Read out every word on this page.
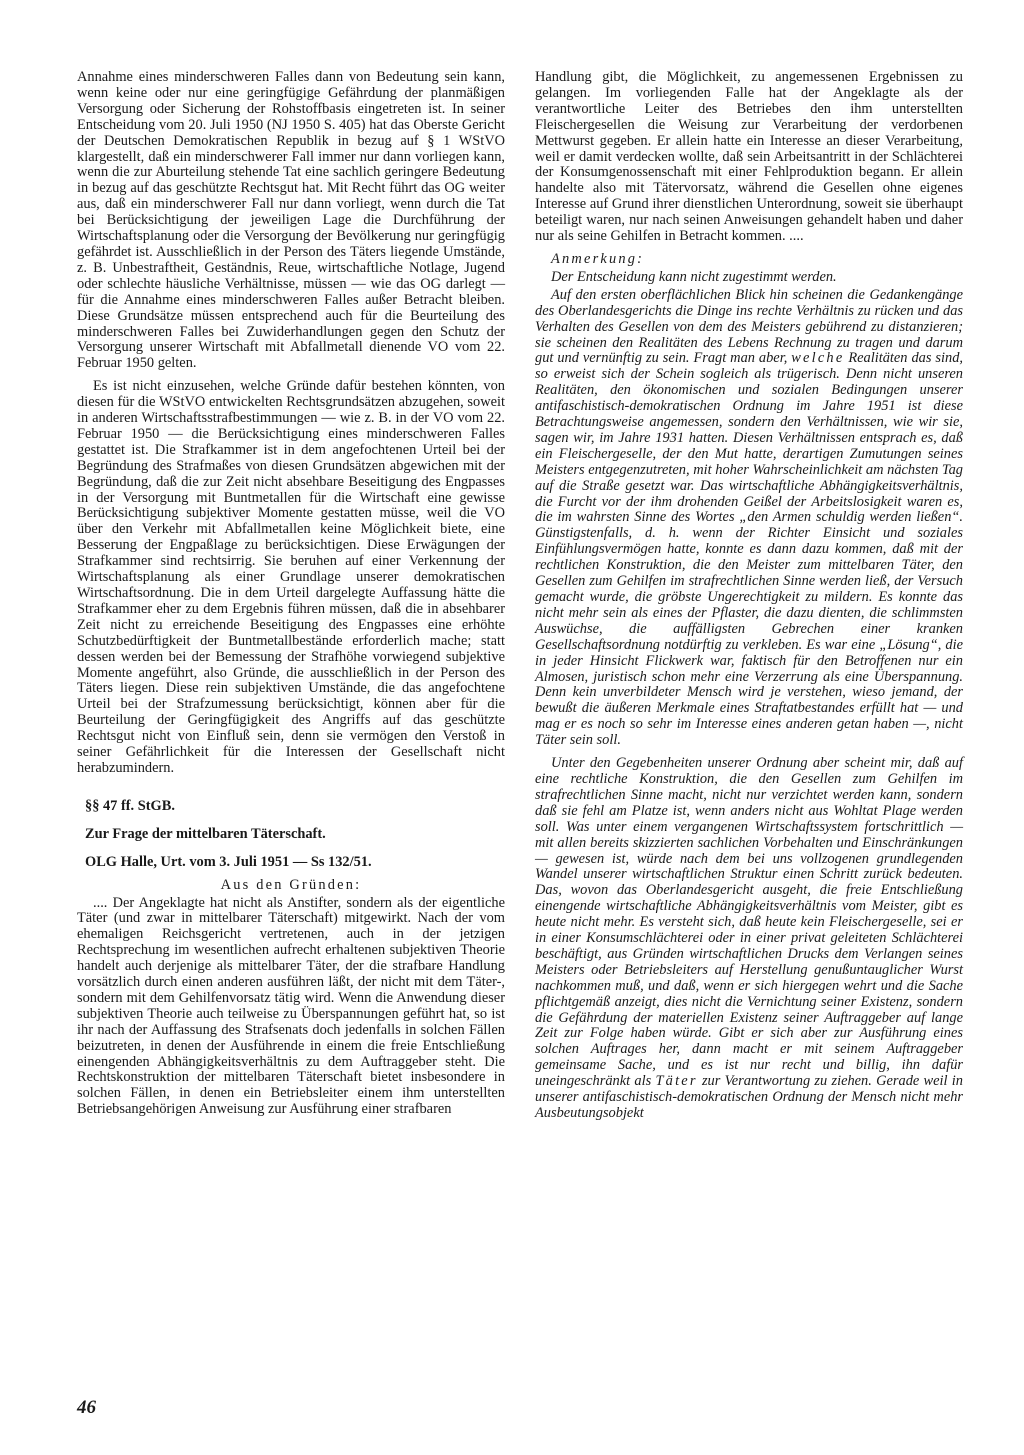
Annahme eines minderschweren Falles dann von Bedeutung sein kann, wenn keine oder nur eine geringfügige Gefährdung der planmäßigen Versorgung oder Sicherung der Rohstoffbasis eingetreten ist. In seiner Entscheidung vom 20. Juli 1950 (NJ 1950 S. 405) hat das Oberste Gericht der Deutschen Demokratischen Republik in bezug auf § 1 WStVO klargestellt, daß ein minderschwerer Fall immer nur dann vorliegen kann, wenn die zur Aburteilung stehende Tat eine sachlich geringere Bedeutung in bezug auf das geschützte Rechtsgut hat. Mit Recht führt das OG weiter aus, daß ein minderschwerer Fall nur dann vorliegt, wenn durch die Tat bei Berücksichtigung der jeweiligen Lage die Durchführung der Wirtschaftsplanung oder die Versorgung der Bevölkerung nur geringfügig gefährdet ist. Ausschließlich in der Person des Täters liegende Umstände, z. B. Unbestraftheit, Geständnis, Reue, wirtschaftliche Notlage, Jugend oder schlechte häusliche Verhältnisse, müssen — wie das OG darlegt — für die Annahme eines minderschweren Falles außer Betracht bleiben. Diese Grundsätze müssen entsprechend auch für die Beurteilung des minderschweren Falles bei Zuwiderhandlungen gegen den Schutz der Versorgung unserer Wirtschaft mit Abfallmetall dienende VO vom 22. Februar 1950 gelten.

Es ist nicht einzusehen, welche Gründe dafür bestehen könnten, von diesen für die WStVO entwickelten Rechtsgrundsätzen abzugehen, soweit in anderen Wirtschaftsstrafbestimmungen — wie z. B. in der VO vom 22. Februar 1950 — die Berücksichtigung eines minderschweren Falles gestattet ist. Die Strafkammer ist in dem angefochtenen Urteil bei der Begründung des Strafmaßes von diesen Grundsätzen abgewichen mit der Begründung, daß die zur Zeit nicht absehbare Beseitigung des Engpasses in der Versorgung mit Buntmetallen für die Wirtschaft eine gewisse Berücksichtigung subjektiver Momente gestatten müsse, weil die VO über den Verkehr mit Abfallmetallen keine Möglichkeit biete, eine Besserung der Engpaßlage zu berücksichtigen. Diese Erwägungen der Strafkammer sind rechtsirrig. Sie beruhen auf einer Verkennung der Wirtschaftsplanung als einer Grundlage unserer demokratischen Wirtschaftsordnung. Die in dem Urteil dargelegte Auffassung hätte die Strafkammer eher zu dem Ergebnis führen müssen, daß die in absehbarer Zeit nicht zu erreichende Beseitigung des Engpasses eine erhöhte Schutzbedürftigkeit der Buntmetallbestände erforderlich mache; statt dessen werden bei der Bemessung der Strafhöhe vorwiegend subjektive Momente angeführt, also Gründe, die ausschließlich in der Person des Täters liegen. Diese rein subjektiven Umstände, die das angefochtene Urteil bei der Strafzumessung berücksichtigt, können aber für die Beurteilung der Geringfügigkeit des Angriffs auf das geschützte Rechtsgut nicht von Einfluß sein, denn sie vermögen den Verstoß in seiner Gefährlichkeit für die Interessen der Gesellschaft nicht herabzumindern.

§§ 47 ff. StGB.

Zur Frage der mittelbaren Täterschaft.

OLG Halle, Urt. vom 3. Juli 1951 — Ss 132/51.

Aus den Gründen:

.... Der Angeklagte hat nicht als Anstifter, sondern als der eigentliche Täter (und zwar in mittelbarer Täterschaft) mitgewirkt. Nach der vom ehemaligen Reichsgericht vertretenen, auch in der jetzigen Rechtsprechung im wesentlichen aufrecht erhaltenen subjektiven Theorie handelt auch derjenige als mittelbarer Täter, der die strafbare Handlung vorsätzlich durch einen anderen ausführen läßt, der nicht mit dem Täter-, sondern mit dem Gehilfenvorsatz tätig wird. Wenn die Anwendung dieser subjektiven Theorie auch teilweise zu Überspannungen geführt hat, so ist ihr nach der Auffassung des Strafsenats doch jedenfalls in solchen Fällen beizutreten, in denen der Ausführende in einem die freie Entschließung einengenden Abhängigkeitsverhältnis zu dem Auftraggeber steht. Die Rechtskonstruktion der mittelbaren Täterschaft bietet insbesondere in solchen Fällen, in denen ein Betriebsleiter einem ihm unterstellten Betriebsangehörigen Anweisung zur Ausführung einer strafbaren

Handlung gibt, die Möglichkeit, zu angemessenen Ergebnissen zu gelangen. Im vorliegenden Falle hat der Angeklagte als der verantwortliche Leiter des Betriebes den ihm unterstellten Fleischergesellen die Weisung zur Verarbeitung der verdorbenen Mettwurst gegeben. Er allein hatte ein Interesse an dieser Verarbeitung, weil er damit verdecken wollte, daß sein Arbeitsantritt in der Schlächterei der Konsumgenossenschaft mit einer Fehlproduktion begann. Er allein handelte also mit Tätervorsatz, während die Gesellen ohne eigenes Interesse auf Grund ihrer dienstlichen Unterordnung, soweit sie überhaupt beteiligt waren, nur nach seinen Anweisungen gehandelt haben und daher nur als seine Gehilfen in Betracht kommen. ....

Anmerkung:

Der Entscheidung kann nicht zugestimmt werden.

Auf den ersten oberflächlichen Blick hin scheinen die Gedankengänge des Oberlandesgerichts die Dinge ins rechte Verhältnis zu rücken und das Verhalten des Gesellen von dem des Meisters gebührend zu distanzieren; sie scheinen den Realitäten des Lebens Rechnung zu tragen und darum gut und vernünftig zu sein. Fragt man aber, welche Realitäten das sind, so erweist sich der Schein sogleich als trügerisch. Denn nicht unseren Realitäten, den ökonomischen und sozialen Bedingungen unserer antifaschistisch-demokratischen Ordnung im Jahre 1951 ist diese Betrachtungsweise angemessen, sondern den Verhältnissen, wie wir sie, sagen wir, im Jahre 1931 hatten. Diesen Verhältnissen entsprach es, daß ein Fleischergeselle, der den Mut hatte, derartigen Zumutungen seines Meisters entgegenzutreten, mit hoher Wahrscheinlichkeit am nächsten Tag auf die Straße gesetzt war. Das wirtschaftliche Abhängigkeitsverhältnis, die Furcht vor der ihm drohenden Geißel der Arbeitslosigkeit waren es, die im wahrsten Sinne des Wortes „den Armen schuldig werden ließen“. Günstigstenfalls, d. h. wenn der Richter Einsicht und soziales Einfühlungsvermögen hatte, konnte es dann dazu kommen, daß mit der rechtlichen Konstruktion, die den Meister zum mittelbaren Täter, den Gesellen zum Gehilfen im strafrechtlichen Sinne werden ließ, der Versuch gemacht wurde, die gröbste Ungerechtigkeit zu mildern. Es konnte das nicht mehr sein als eines der Pflaster, die dazu dienten, die schlimmsten Auswüchse, die auffälligsten Gebrechen einer kranken Gesellschaftsordnung notdürftig zu verkleben. Es war eine „Lösung“, die in jeder Hinsicht Flickwerk war, faktisch für den Betroffenen nur ein Almosen, juristisch schon mehr eine Verzerrung als eine Überspannung. Denn kein unverbildeter Mensch wird je verstehen, wieso jemand, der bewußt die äußeren Merkmale eines Straftatbestandes erfüllt hat — und mag er es noch so sehr im Interesse eines anderen getan haben —, nicht Täter sein soll.

Unter den Gegebenheiten unserer Ordnung aber scheint mir, daß auf eine rechtliche Konstruktion, die den Gesellen zum Gehilfen im strafrechtlichen Sinne macht, nicht nur verzichtet werden kann, sondern daß sie fehl am Platze ist, wenn anders nicht aus Wohltat Plage werden soll. Was unter einem vergangenen Wirtschaftssystem fortschrittlich — mit allen bereits skizzierten sachlichen Vorbehalten und Einschränkungen — gewesen ist, würde nach dem bei uns vollzogenen grundlegenden Wandel unserer wirtschaftlichen Struktur einen Schritt zurück bedeuten. Das, wovon das Oberlandesgericht ausgeht, die freie Entschließung einengende wirtschaftliche Abhängigkeitsverhältnis vom Meister, gibt es heute nicht mehr. Es versteht sich, daß heute kein Fleischergeselle, sei er in einer Konsumschlächterei oder in einer privat geleiteten Schlächterei beschäftigt, aus Gründen wirtschaftlichen Drucks dem Verlangen seines Meisters oder Betriebsleiters auf Herstellung genußuntauglicher Wurst nachkommen muß, und daß, wenn er sich hiergegen wehrt und die Sache pflichtgemäß anzeigt, dies nicht die Vernichtung seiner Existenz, sondern die Gefährdung der materiellen Existenz seiner Auftraggeber auf lange Zeit zur Folge haben würde. Gibt er sich aber zur Ausführung eines solchen Auftrages her, dann macht er mit seinem Auftraggeber gemeinsame Sache, und es ist nur recht und billig, ihn dafür uneingeschränkt als Täter zur Verantwortung zu ziehen. Gerade weil in unserer antifaschistisch-demokratischen Ordnung der Mensch nicht mehr Ausbeutungsobjekt

46
